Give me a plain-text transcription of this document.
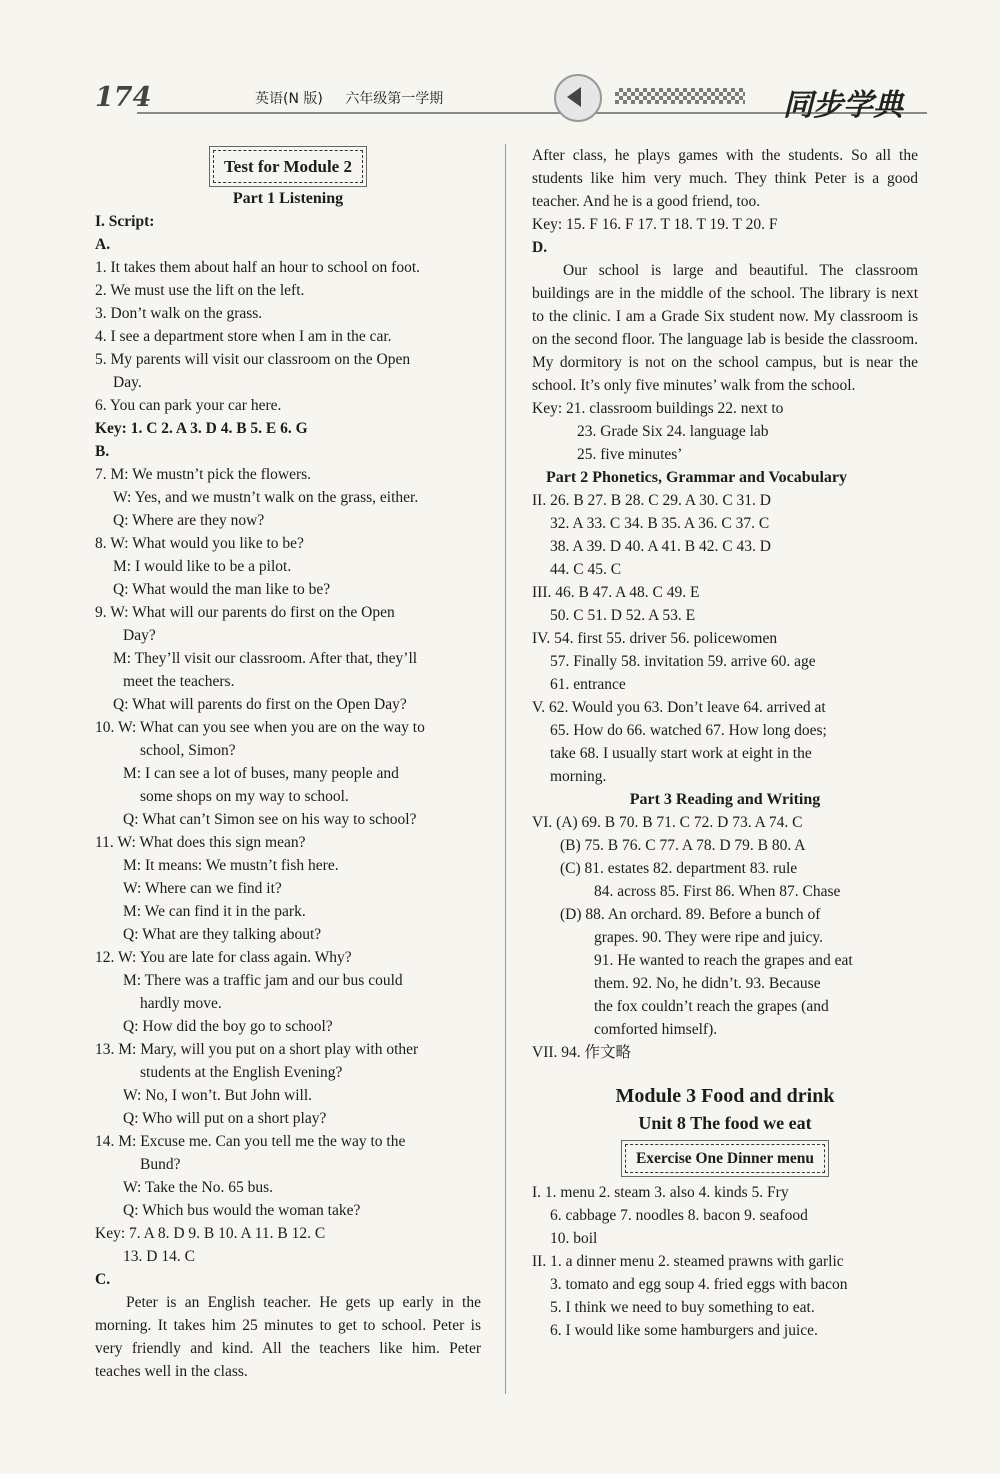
174	英语(N 版) 六年级第一学期	同步学典
Test for Module 2
Part 1 Listening
I. Script:
A.
1. It takes them about half an hour to school on foot.
2. We must use the lift on the left.
3. Don’t walk on the grass.
4. I see a department store when I am in the car.
5. My parents will visit our classroom on the Open
Day.
6. You can park your car here.
Key: 1. C 2. A 3. D 4. B 5. E 6. G
B.
7. M: We mustn’t pick the flowers.
W: Yes, and we mustn’t walk on the grass, either.
Q: Where are they now?
8. W: What would you like to be?
M: I would like to be a pilot.
Q: What would the man like to be?
9. W: What will our parents do first on the Open
Day?
M: They’ll visit our classroom. After that, they’ll
meet the teachers.
Q: What will parents do first on the Open Day?
10. W: What can you see when you are on the way to
school, Simon?
M: I can see a lot of buses, many people and
some shops on my way to school.
Q: What can’t Simon see on his way to school?
11. W: What does this sign mean?
M: It means: We mustn’t fish here.
W: Where can we find it?
M: We can find it in the park.
Q: What are they talking about?
12. W: You are late for class again. Why?
M: There was a traffic jam and our bus could
hardly move.
Q: How did the boy go to school?
13. M: Mary, will you put on a short play with other
students at the English Evening?
W: No, I won’t. But John will.
Q: Who will put on a short play?
14. M: Excuse me. Can you tell me the way to the
Bund?
W: Take the No. 65 bus.
Q: Which bus would the woman take?
Key: 7. A 8. D 9. B 10. A 11. B 12. C
13. D 14. C
C.
Peter is an English teacher. He gets up early in the morning. It takes him 25 minutes to get to school. Peter is very friendly and kind. All the teachers like him. Peter teaches well in the class.
After class, he plays games with the students. So all the students like him very much. They think Peter is a good teacher. And he is a good friend, too.
Key: 15. F 16. F 17. T 18. T 19. T 20. F
D.
Our school is large and beautiful. The classroom buildings are in the middle of the school. The library is next to the clinic. I am a Grade Six student now. My classroom is on the second floor. The language lab is beside the classroom. My dormitory is not on the school campus, but is near the school. It’s only five minutes’ walk from the school.
Key: 21. classroom buildings 22. next to
23. Grade Six 24. language lab
25. five minutes’
Part 2 Phonetics, Grammar and Vocabulary
II. 26. B 27. B 28. C 29. A 30. C 31. D
32. A 33. C 34. B 35. A 36. C 37. C
38. A 39. D 40. A 41. B 42. C 43. D
44. C 45. C
III. 46. B 47. A 48. C 49. E
50. C 51. D 52. A 53. E
IV. 54. first 55. driver 56. policewomen
57. Finally 58. invitation 59. arrive 60. age
61. entrance
V. 62. Would you 63. Don’t leave 64. arrived at
65. How do 66. watched 67. How long does;
take 68. I usually start work at eight in the
morning.
Part 3 Reading and Writing
VI. (A) 69. B 70. B 71. C 72. D 73. A 74. C
(B) 75. B 76. C 77. A 78. D 79. B 80. A
(C) 81. estates 82. department 83. rule
84. across 85. First 86. When 87. Chase
(D) 88. An orchard. 89. Before a bunch of
grapes. 90. They were ripe and juicy.
91. He wanted to reach the grapes and eat
them. 92. No, he didn’t. 93. Because
the fox couldn’t reach the grapes (and
comforted himself).
VII. 94. 作文略
Module 3 Food and drink
Unit 8 The food we eat
Exercise One Dinner menu
I. 1. menu 2. steam 3. also 4. kinds 5. Fry
6. cabbage 7. noodles 8. bacon 9. seafood
10. boil
II. 1. a dinner menu 2. steamed prawns with garlic
3. tomato and egg soup 4. fried eggs with bacon
5. I think we need to buy something to eat.
6. I would like some hamburgers and juice.
